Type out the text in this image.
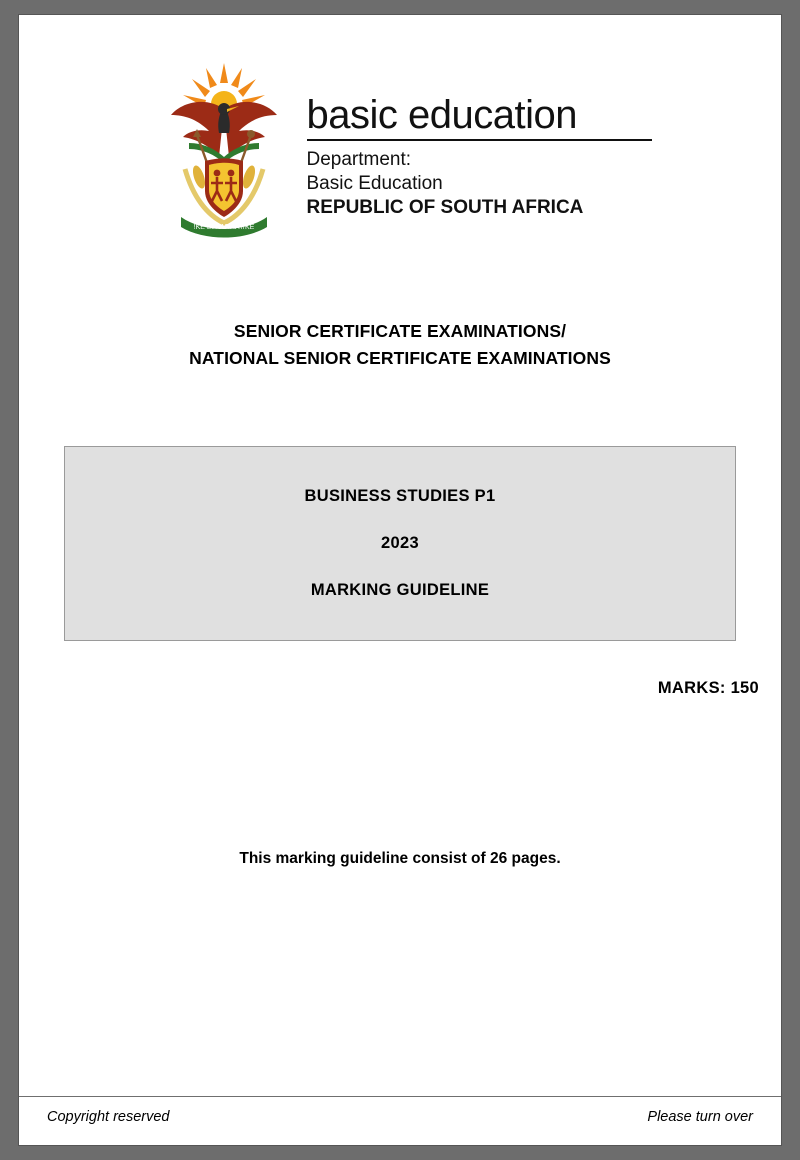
!KE E:/XARRA //KE
basic education
Department:
Basic Education
REPUBLIC OF SOUTH AFRICA
SENIOR CERTIFICATE EXAMINATIONS/
NATIONAL SENIOR CERTIFICATE EXAMINATIONS
BUSINESS STUDIES P1
2023
MARKING GUIDELINE
MARKS: 150
This marking guideline consist of 26 pages.
Copyright reserved	Please turn over
